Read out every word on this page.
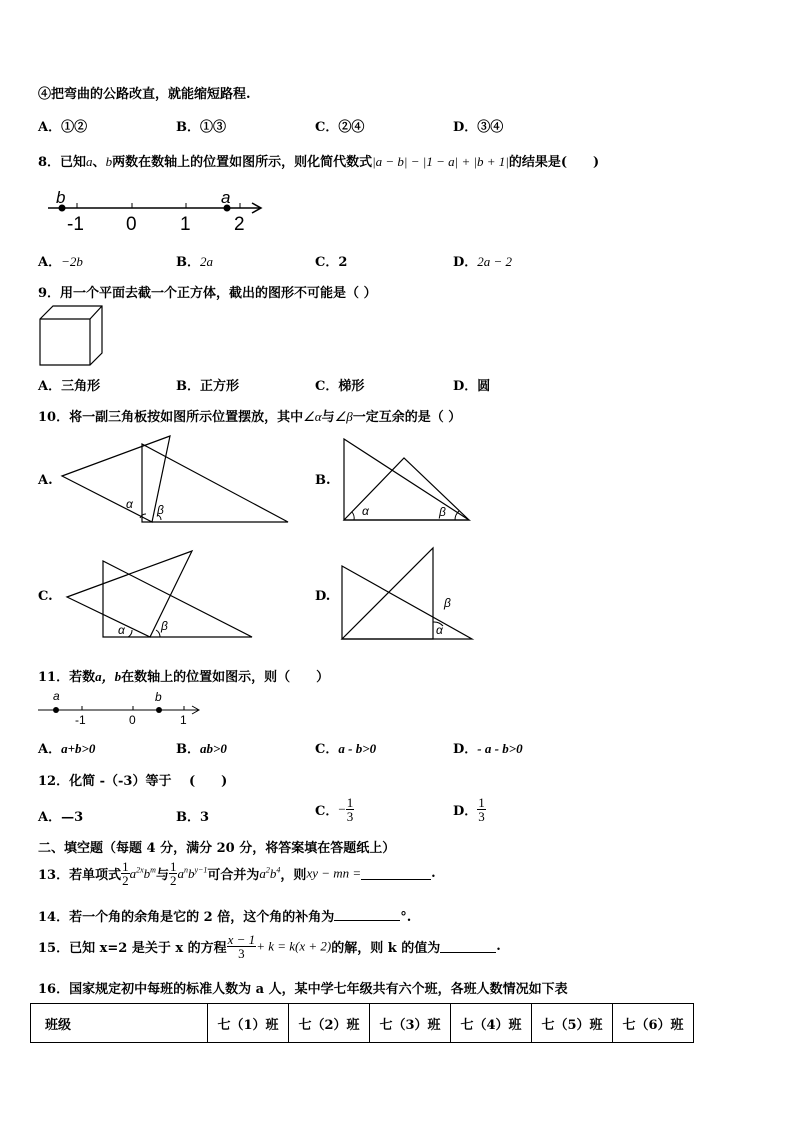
④把弯曲的公路改直，就能缩短路程.
A．①②	B．①③	C．②④	D．③④
8．已知a、b两数在数轴上的位置如图所示，则化简代数式|a − b| − |1 − a| + |b + 1|的结果是(　　)
b	a
-1 0 1 2
A．−2b	B．2a	C．2	D．2a − 2
9．用一个平面去截一个正方体，截出的图形不可能是（ ）
A．三角形	B．正方形	C．梯形	D．圆
10．将一副三角板按如图所示位置摆放，其中∠α与∠β一定互余的是（ ）
A.	B.
C.	D.
α β	α	β
α	β
β
α
11．若数a，b在数轴上的位置如图示，则（　　）
a	b
-1	0	1
A．a+b>0	B．ab>0	C．a - b>0	D．- a - b>0
12．化简 -（-3）等于　 (　　)
A．—3	B．3	C．− $\frac{1}{3}$	D． $\frac{1}{3}$
二、填空题（每题 4 分，满分 20 分，将答案填在答题纸上）
13．若单项式 $\frac{1}{2} a^{2x}b^m$与 $\frac{1}{2} a^nb^{y-1}$可合并为$a^2b^4$，则xy − mn =	.
14．若一个角的余角是它的 2 倍，这个角的补角为	°.
15．已知 x=2 是关于 x 的方程 $\frac{x - 1}{3} + k = k(x + 2)$的解，则 k 的值为	.
16．国家规定初中每班的标准人数为 a 人，某中学七年级共有六个班，各班人数情况如下表
班级	七（1）班	七（2）班	七（3）班	七（4）班	七（5）班	七（6）班
